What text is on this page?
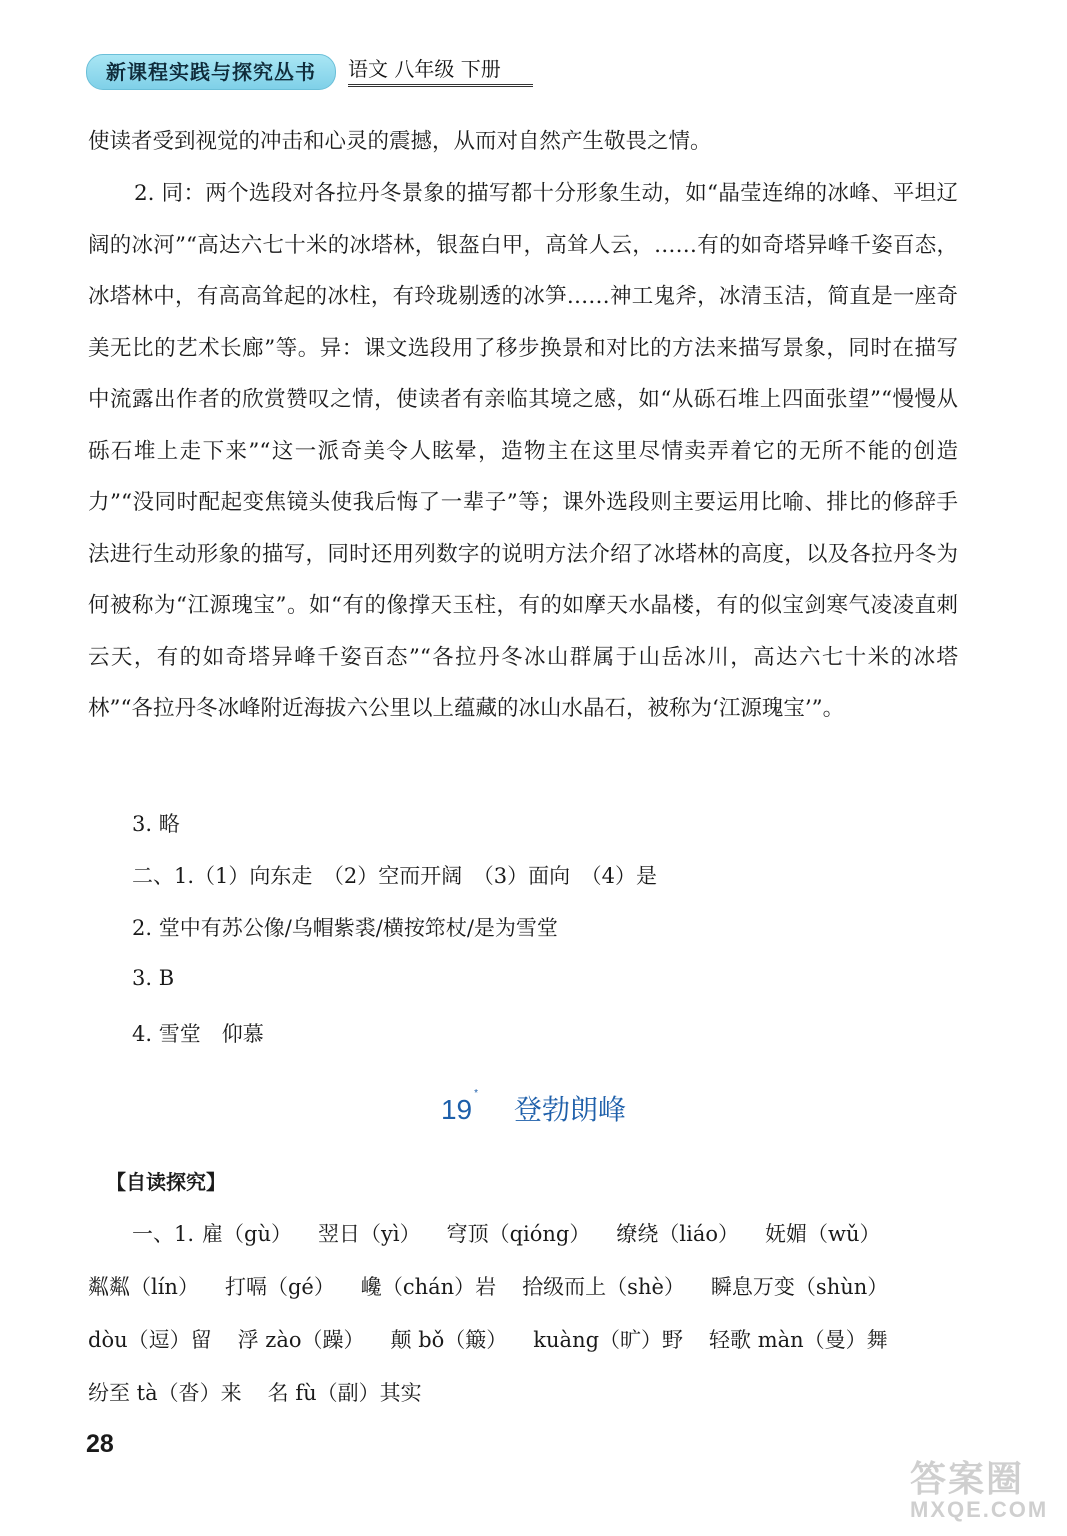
新课程实践与探究丛书	语文 八年级 下册
使读者受到视觉的冲击和心灵的震撼，从而对自然产生敬畏之情。
2. 同：两个选段对各拉丹冬景象的描写都十分形象生动，如“晶莹连绵的冰峰、平坦辽阔的冰河”“高达六七十米的冰塔林，银盔白甲，高耸人云，……有的如奇塔异峰千姿百态，冰塔林中，有高高耸起的冰柱，有玲珑剔透的冰笋……神工鬼斧，冰清玉洁，简直是一座奇美无比的艺术长廊”等。异：课文选段用了移步换景和对比的方法来描写景象，同时在描写中流露出作者的欣赏赞叹之情，使读者有亲临其境之感，如“从砾石堆上四面张望”“慢慢从砾石堆上走下来”“这一派奇美令人眩晕，造物主在这里尽情卖弄着它的无所不能的创造力”“没同时配起变焦镜头使我后悔了一辈子”等；课外选段则主要运用比喻、排比的修辞手法进行生动形象的描写，同时还用列数字的说明方法介绍了冰塔林的高度，以及各拉丹冬为何被称为“江源瑰宝”。如“有的像撑天玉柱，有的如摩天水晶楼，有的似宝剑寒气凌凌直刺云天，有的如奇塔异峰千姿百态”“各拉丹冬冰山群属于山岳冰川，高达六七十米的冰塔林”“各拉丹冬冰峰附近海拔六公里以上蕴藏的冰山水晶石，被称为‘江源瑰宝’”。
3. 略
二、1.（1）向东走　（2）空而开阔　（3）面向　（4）是
2. 堂中有苏公像/乌帽紫裘/横按筇杖/是为雪堂
3. B
4. 雪堂　仰慕
19*登勃朗峰
【自读探究】
一、1. 雇（gù） 翌日（yì） 穹顶（qióng） 缭绕（liáo） 妩媚（wǔ）粼粼（lín） 打嗝（gé） 巉（chán）岩 拾级而上（shè） 瞬息万变（shùn）dòu（逗）留 浮 zào（躁） 颠 bǒ（簸） kuàng（旷）野 轻歌 màn（曼）舞纷至 tà（沓）来 名 fù（副）其实
28
答案圈
MXQE.COM
